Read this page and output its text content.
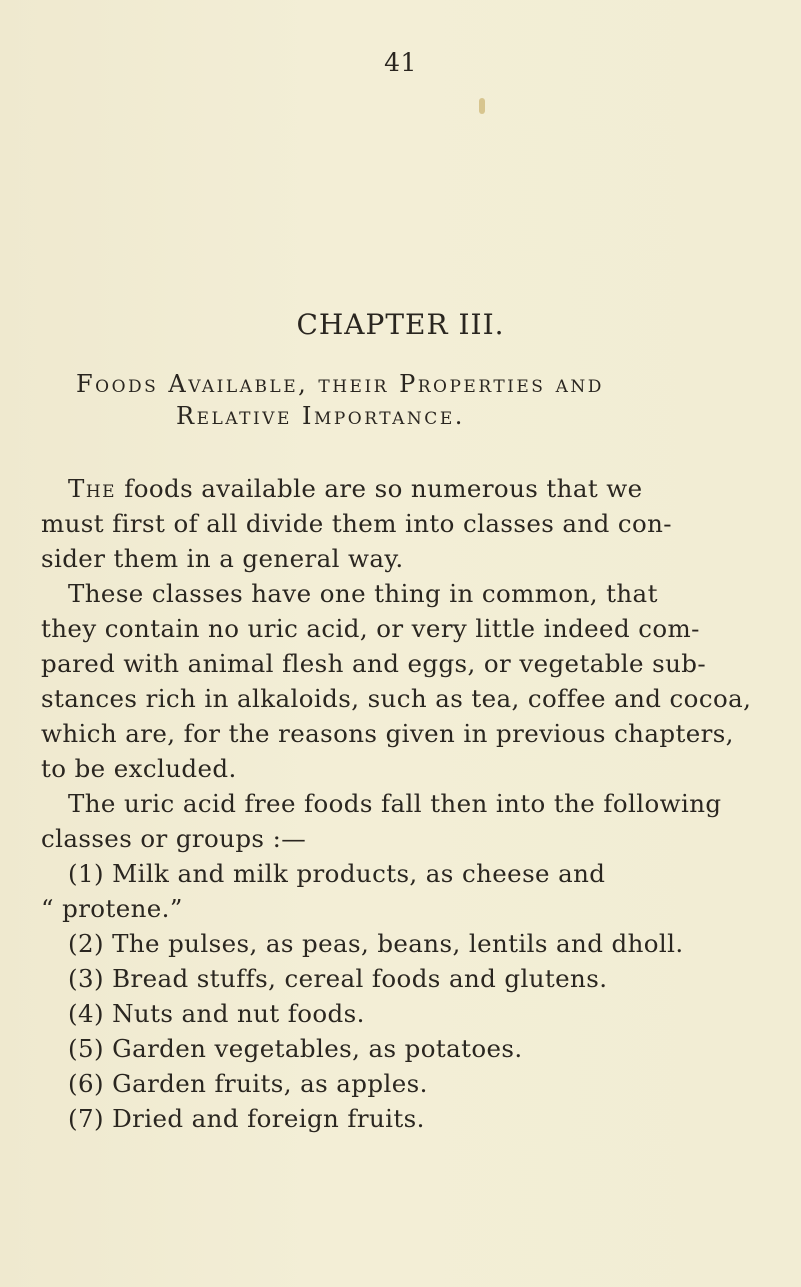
41
CHAPTER III.
Foods Available, their Properties and
Relative Importance.
The foods available are so numerous that we
must first of all divide them into classes and con-
sider them in a general way.
These classes have one thing in common, that
they contain no uric acid, or very little indeed com-
pared with animal flesh and eggs, or vegetable sub-
stances rich in alkaloids, such as tea, coffee and cocoa,
which are, for the reasons given in previous chapters,
to be excluded.
The uric acid free foods fall then into the following
classes or groups :—
(1) Milk and milk products, as cheese and
“ protene.”
(2) The pulses, as peas, beans, lentils and dholl.
(3) Bread stuffs, cereal foods and glutens.
(4) Nuts and nut foods.
(5) Garden vegetables, as potatoes.
(6) Garden fruits, as apples.
(7) Dried and foreign fruits.
